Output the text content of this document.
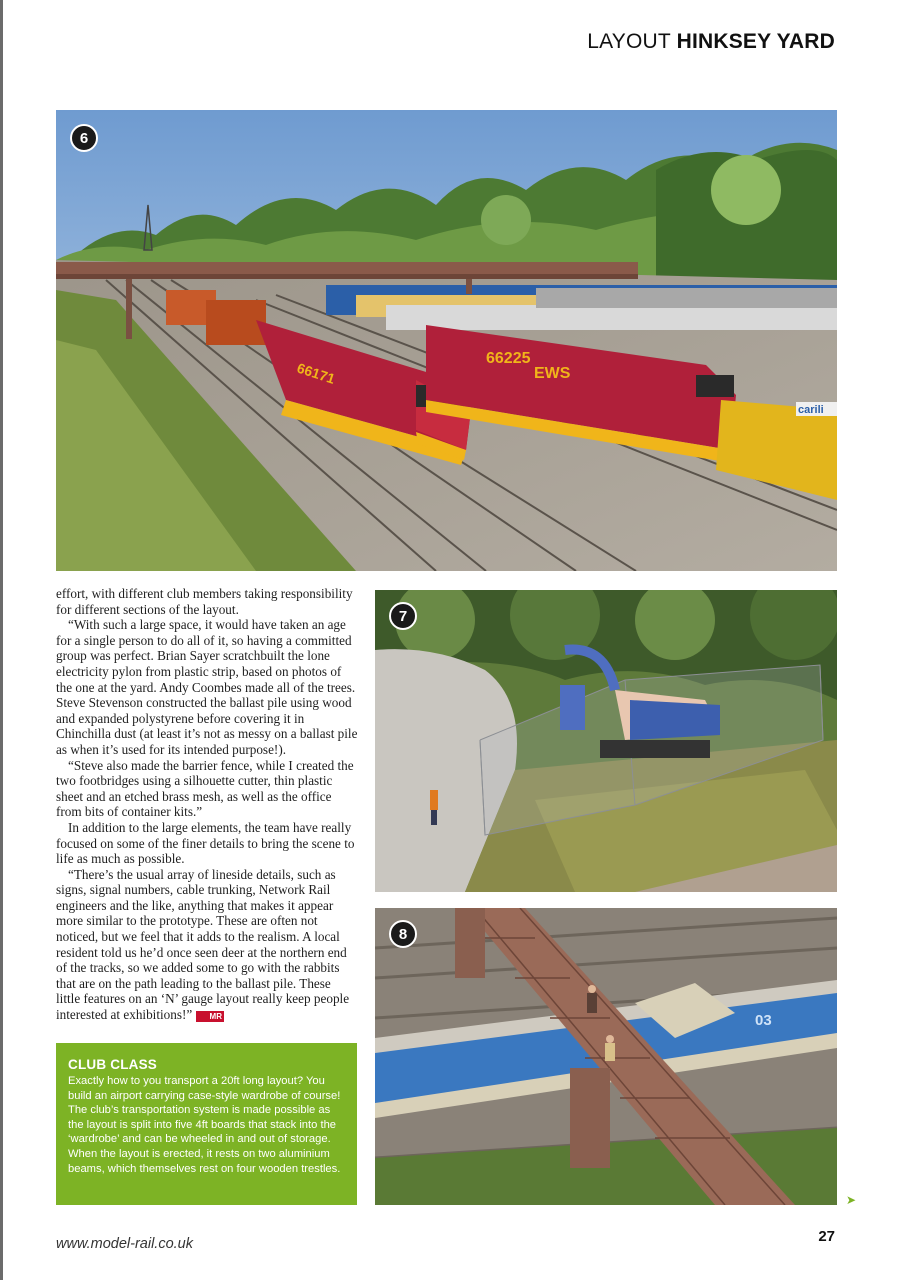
LAYOUT HINKSEY YARD
66171
66225
EWS
carili
6

effort, with different club members taking responsibility for different sections of the layout.

“With such a large space, it would have taken an age for a single person to do all of it, so having a committed group was perfect. Brian Sayer scratchbuilt the lone electricity pylon from plastic strip, based on photos of the one at the yard. Andy Coombes made all of the trees. Steve Stevenson constructed the ballast pile using wood and expanded polystyrene before covering it in Chinchilla dust (at least it’s not as messy on a ballast pile as when it’s used for its intended purpose!).

“Steve also made the barrier fence, while I created the two footbridges using a silhouette cutter, thin plastic sheet and an etched brass mesh, as well as the office from bits of container kits.”

In addition to the large elements, the team have really focused on some of the finer details to bring the scene to life as much as possible.

“There’s the usual array of lineside details, such as signs, signal numbers, cable trunking, Network Rail engineers and the like, anything that makes it appear more similar to the prototype. These are often not noticed, but we feel that it adds to the realism. A local resident told us he’d once seen deer at the northern end of the tracks, so we added some to go with the rabbits that are on the path leading to the ballast pile. These little features on an ‘N’ gauge layout really keep people interested at exhibitions!” MR

7
03
8
CLUB CLASS

Exactly how to you transport a 20ft long layout? You build an airport carrying case-style wardrobe of course! The club’s transportation system is made possible as the layout is split into five 4ft boards that stack into the ‘wardrobe’ and can be wheeled in and out of storage. When the layout is erected, it rests on two aluminium beams, which themselves rest on four wooden trestles.

➤
27
www.model-rail.co.uk
